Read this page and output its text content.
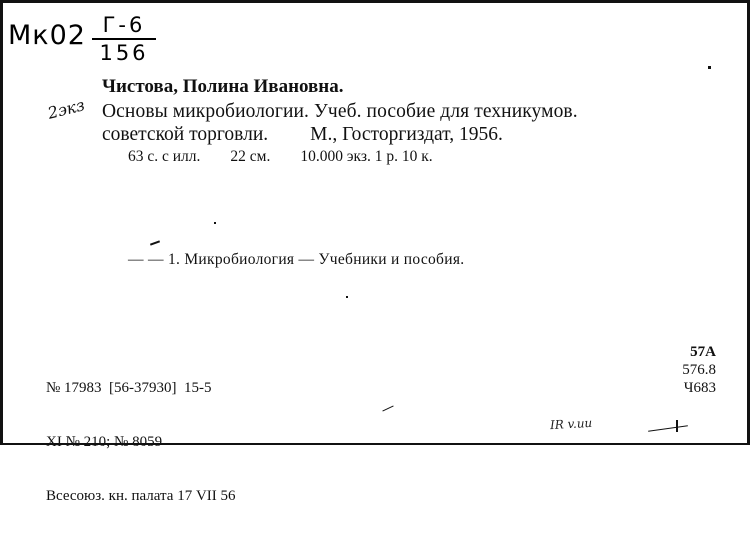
Мк02 Г-6
156
Чистова, Полина Ивановна.
2экз Основы микробиологии. Учеб. пособие для техникумов.
советской торговли. М., Госторгиздат, 1956.
63 с. с илл. 22 см. 10.000 экз. 1 р. 10 к.
— — 1. Микробиология — Учебники и пособия.

№ 17983  [56-37930]  15-5

XI № 210; № 8059

Всесоюз. кн. палата 17 VII 56

57А
576.8
Ч683
IR v.uu
